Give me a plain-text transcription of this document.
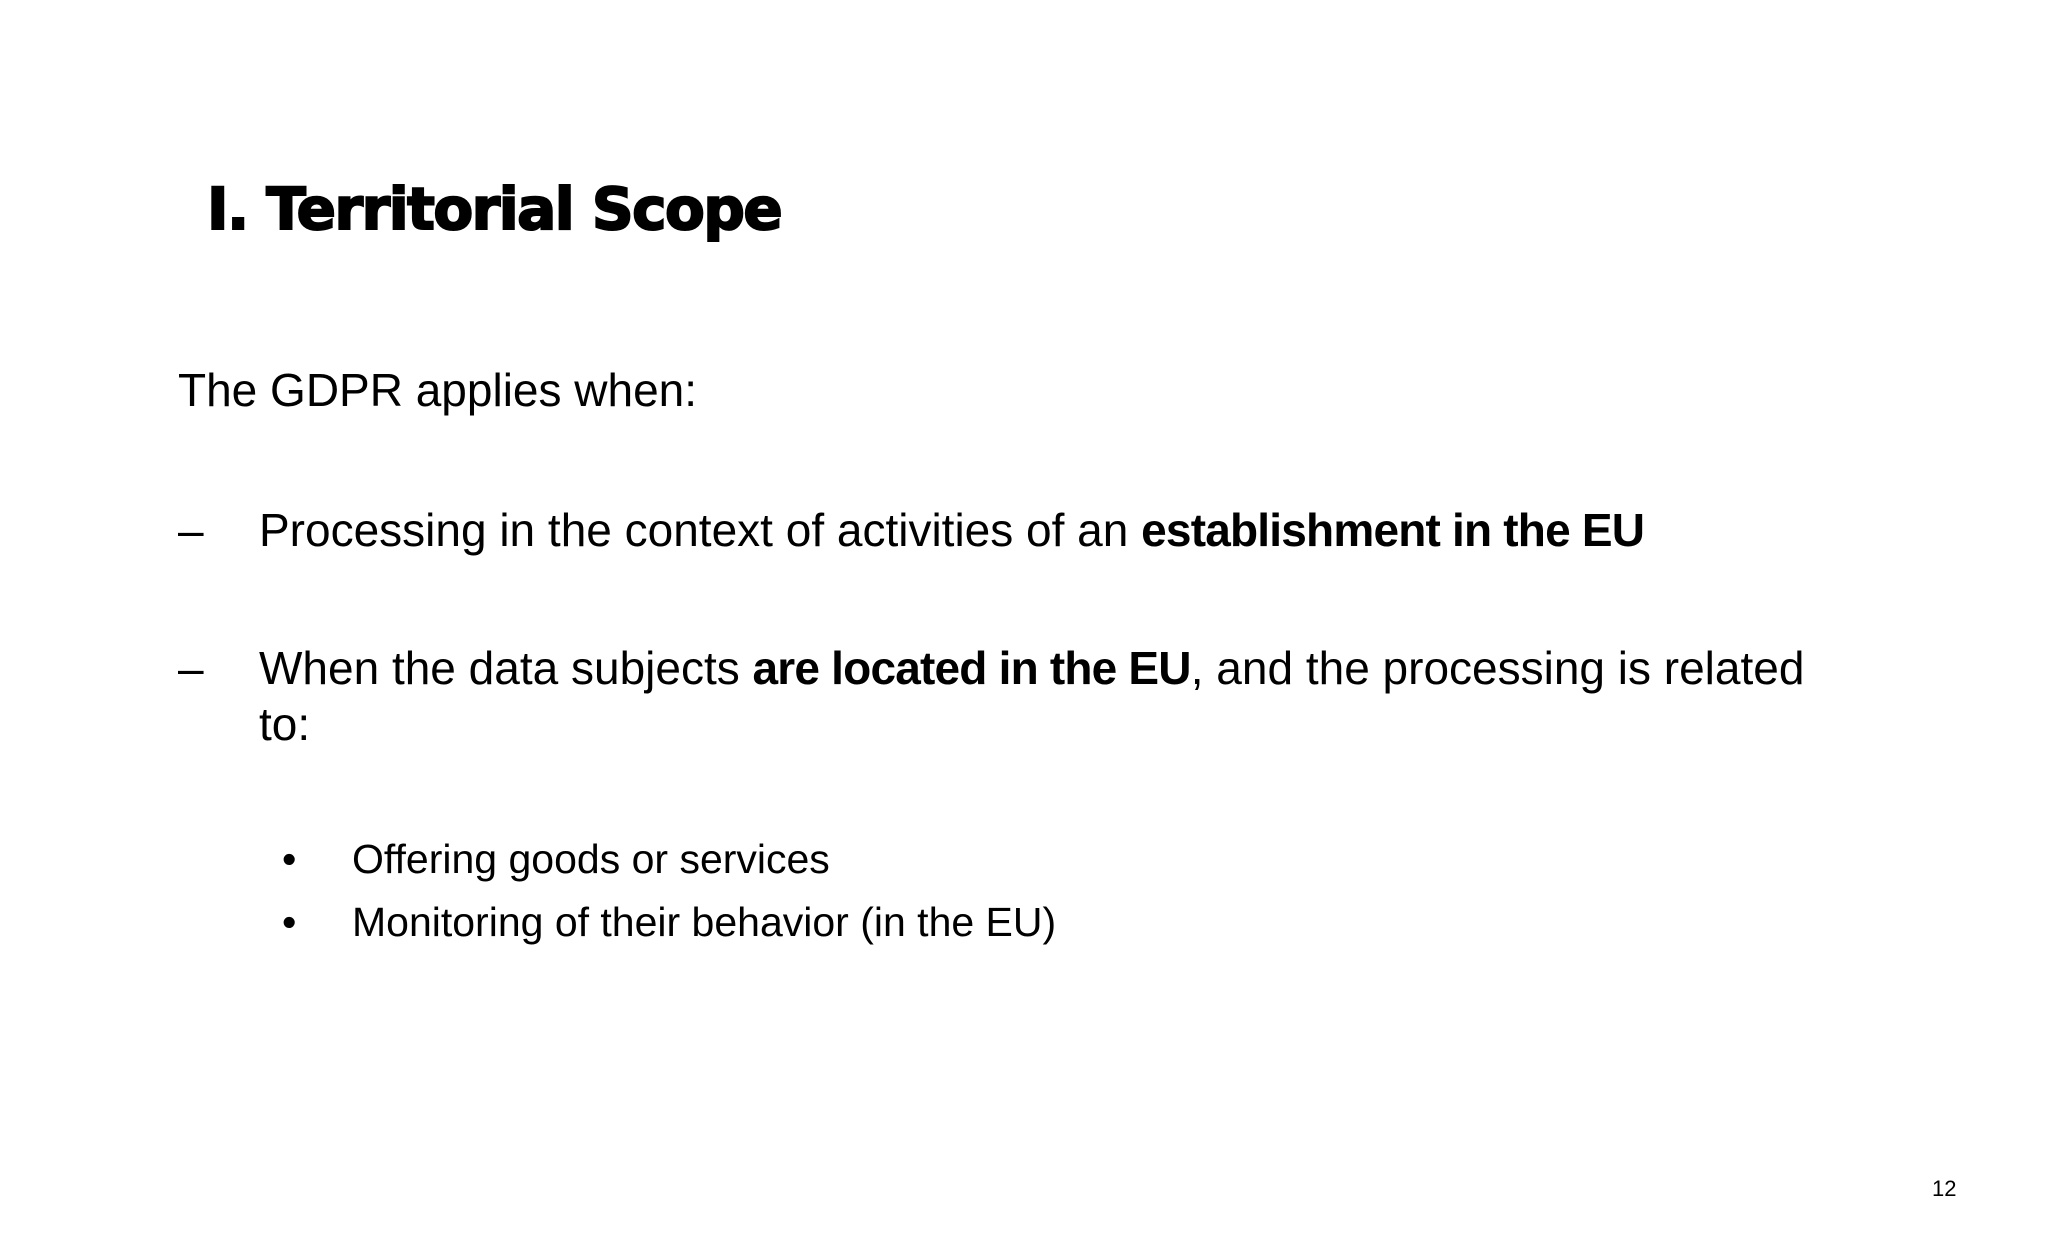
I. Territorial Scope

The GDPR applies when:

–	Processing in the context of activities of an establishment in the EU
–	When the data subjects are located in the EU, and the processing is related to:
•	Offering goods or services
•	Monitoring of their behavior (in the EU)
12
